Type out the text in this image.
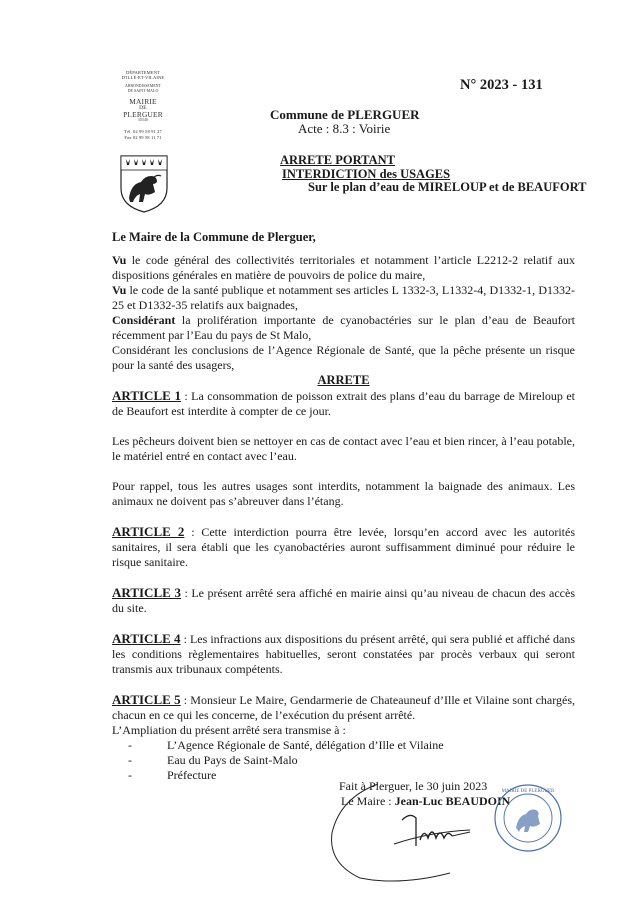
DÉPARTEMENT
D'ILLE-ET-VILAINE
ARRONDISSEMENT
DE SAINT-MALO
MAIRIE
DE
PLERGUER
35540
Tél. 02 99 58 91 27
Fax 02 99 58 11 71
N° 2023 - 131
Commune de PLERGUER
Acte : 8.3 : Voirie
ARRETE PORTANT
INTERDICTION des USAGES
Sur le plan d’eau de MIRELOUP et de BEAUFORT
Le Maire de la Commune de Plerguer,

Vu le code général des collectivités territoriales et notamment l’article L2212-2 relatif aux dispositions générales en matière de pouvoirs de police du maire,

Vu le code de la santé publique et notamment ses articles L 1332-3, L1332-4, D1332-1, D1332-25 et D1332-35 relatifs aux baignades,

Considérant la prolifération importante de cyanobactéries sur le plan d’eau de Beaufort récemment par l’Eau du pays de St Malo,

Considérant les conclusions de l’Agence Régionale de Santé, que la pêche présente un risque pour la santé des usagers,

ARRETE

ARTICLE 1 : La consommation de poisson extrait des plans d’eau du barrage de Mireloup et de Beaufort est interdite à compter de ce jour.

Les pêcheurs doivent bien se nettoyer en cas de contact avec l’eau et bien rincer, à l’eau potable, le matériel entré en contact avec l’eau.

Pour rappel, tous les autres usages sont interdits, notamment la baignade des animaux. Les animaux ne doivent pas s’abreuver dans l’étang.

ARTICLE 2 : Cette interdiction pourra être levée, lorsqu’en accord avec les autorités sanitaires, il sera établi que les cyanobactéries auront suffisamment diminué pour réduire le risque sanitaire.

ARTICLE 3 : Le présent arrêté sera affiché en mairie ainsi qu’au niveau de chacun des accès du site.

ARTICLE 4 : Les infractions aux dispositions du présent arrêté, qui sera publié et affiché dans les conditions règlementaires habituelles, seront constatées par procès verbaux qui seront transmis aux tribunaux compétents.

ARTICLE 5 : Monsieur Le Maire, Gendarmerie de Chateauneuf d’Ille et Vilaine sont chargés, chacun en ce qui les concerne, de l’exécution du présent arrêté.

L’Ampliation du présent arrêté sera transmise à :

-	L’Agence Régionale de Santé, délégation d’Ille et Vilaine
-	Eau du Pays de Saint-Malo
-	Préfecture
Fait à Plerguer, le 30 juin 2023
Le Maire : Jean-Luc BEAUDOIN
MAIRIE DE PLERGUER
